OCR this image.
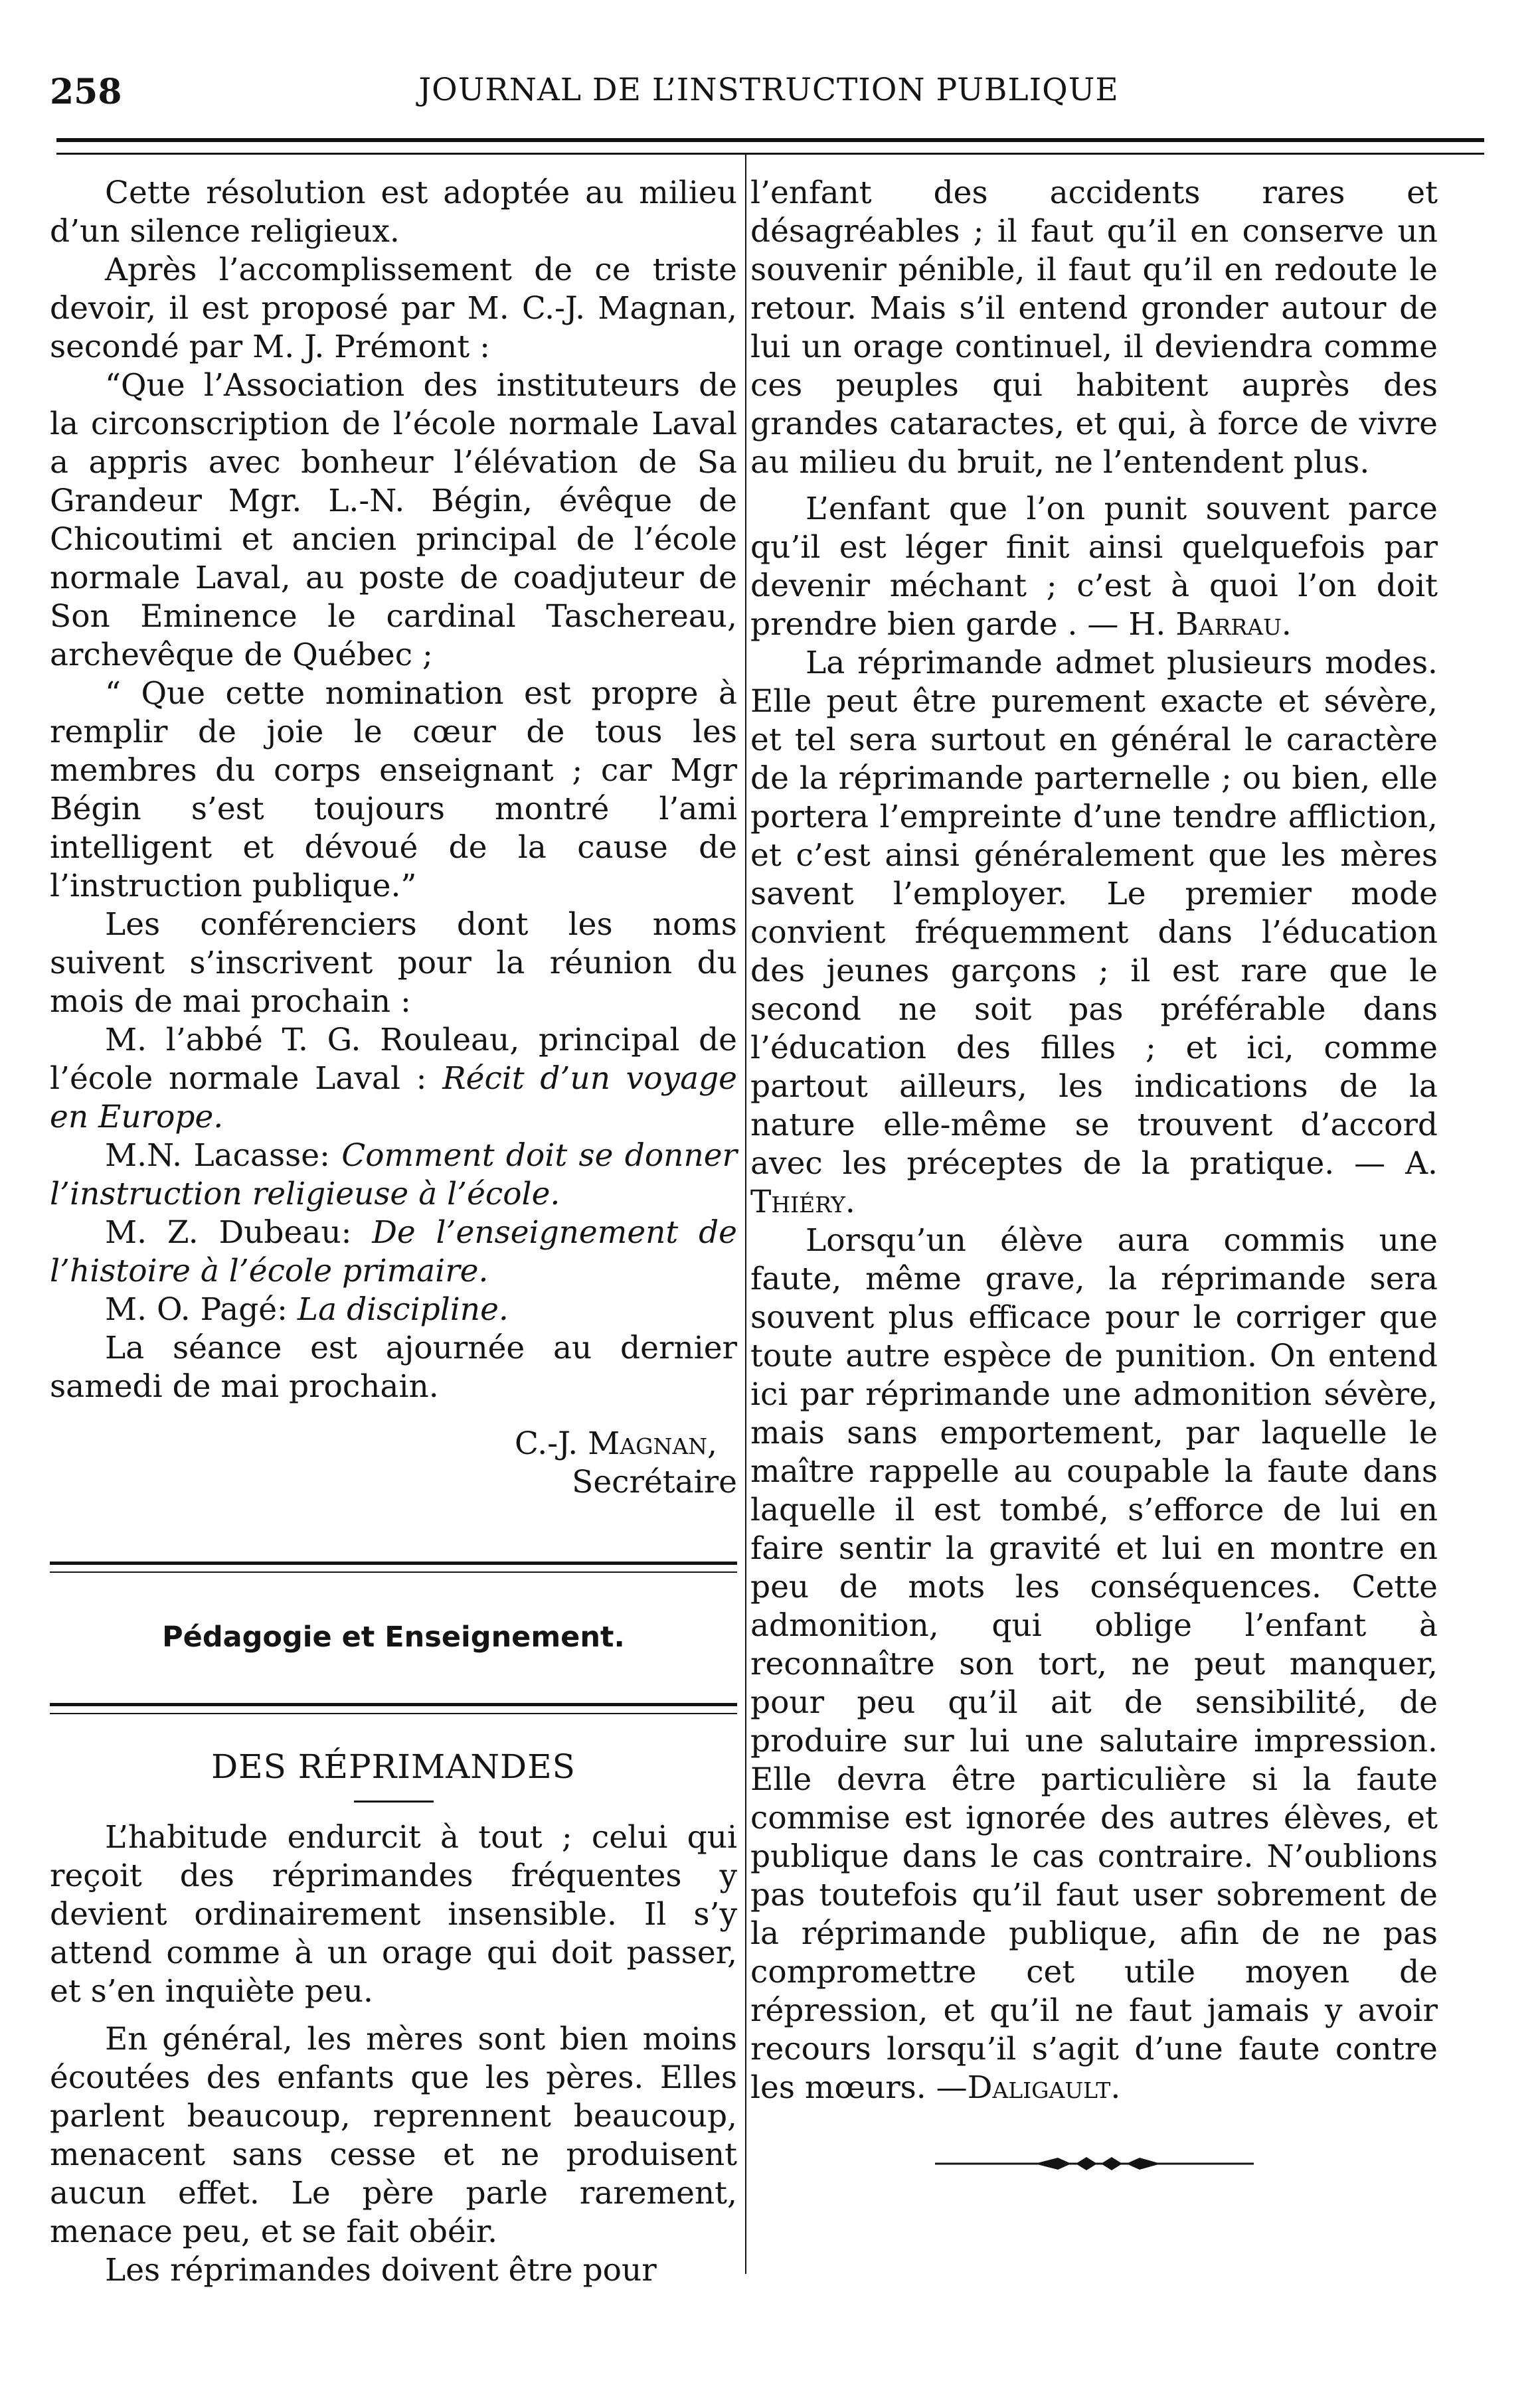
258	JOURNAL DE L’INSTRUCTION PUBLIQUE

Cette résolution est adoptée au milieu d’un silence religieux.

Après l’accomplissement de ce triste devoir, il est proposé par M. C.-J. Magnan, secondé par M. J. Prémont :

“Que l’Association des instituteurs de la circonscription de l’école normale Laval a appris avec bonheur l’élévation de Sa Grandeur Mgr. L.-N. Bégin, évêque de Chicoutimi et ancien principal de l’école normale Laval, au poste de coadjuteur de Son Eminence le cardinal Taschereau, archevêque de Québec ;

“ Que cette nomination est propre à remplir de joie le cœur de tous les membres du corps enseignant ; car Mgr Bégin s’est toujours montré l’ami intelligent et dévoué de la cause de l’instruction publique.”

Les conférenciers dont les noms suivent s’inscrivent pour la réunion du mois de mai prochain :

M. l’abbé T. G. Rouleau, principal de l’école normale Laval : Récit d’un voyage en Europe.

M.N. Lacasse: Comment doit se donner l’instruction religieuse à l’école.

M. Z. Dubeau: De l’enseignement de l’histoire à l’école primaire.

M. O. Pagé: La discipline.

La séance est ajournée au dernier samedi de mai prochain.

C.-J. Magnan,

Secrétaire

Pédagogie et Enseignement.

DES RÉPRIMANDES

L’habitude endurcit à tout ; celui qui reçoit des réprimandes fréquentes y devient ordinairement insensible. Il s’y attend comme à un orage qui doit passer, et s’en inquiète peu.

En général, les mères sont bien moins écoutées des enfants que les pères. Elles parlent beaucoup, reprennent beaucoup, menacent sans cesse et ne produisent aucun effet. Le père parle rarement, menace peu, et se fait obéir.

Les réprimandes doivent être pour

l’enfant des accidents rares et désagréables ; il faut qu’il en conserve un souvenir pénible, il faut qu’il en redoute le retour. Mais s’il entend gronder autour de lui un orage continuel, il deviendra comme ces peuples qui habitent auprès des grandes cataractes, et qui, à force de vivre au milieu du bruit, ne l’entendent plus.

L’enfant que l’on punit souvent parce qu’il est léger finit ainsi quelquefois par devenir méchant ; c’est à quoi l’on doit prendre bien garde . — H. Barrau.

La réprimande admet plusieurs modes. Elle peut être purement exacte et sévère, et tel sera surtout en général le caractère de la réprimande parternelle ; ou bien, elle portera l’empreinte d’une tendre affliction, et c’est ainsi généralement que les mères savent l’employer. Le premier mode convient fréquemment dans l’éducation des jeunes garçons ; il est rare que le second ne soit pas préférable dans l’éducation des filles ; et ici, comme partout ailleurs, les indications de la nature elle-même se trouvent d’accord avec les préceptes de la pratique. — A. Thiéry.

Lorsqu’un élève aura commis une faute, même grave, la réprimande sera souvent plus efficace pour le corriger que toute autre espèce de punition. On entend ici par réprimande une admonition sévère, mais sans emportement, par laquelle le maître rappelle au coupable la faute dans laquelle il est tombé, s’efforce de lui en faire sentir la gravité et lui en montre en peu de mots les conséquences. Cette admonition, qui oblige l’enfant à reconnaître son tort, ne peut manquer, pour peu qu’il ait de sensibilité, de produire sur lui une salutaire impression. Elle devra être particulière si la faute commise est ignorée des autres élèves, et publique dans le cas contraire. N’oublions pas toutefois qu’il faut user sobrement de la réprimande publique, afin de ne pas compromettre cet utile moyen de répression, et qu’il ne faut jamais y avoir recours lorsqu’il s’agit d’une faute contre les mœurs. —Daligault.
